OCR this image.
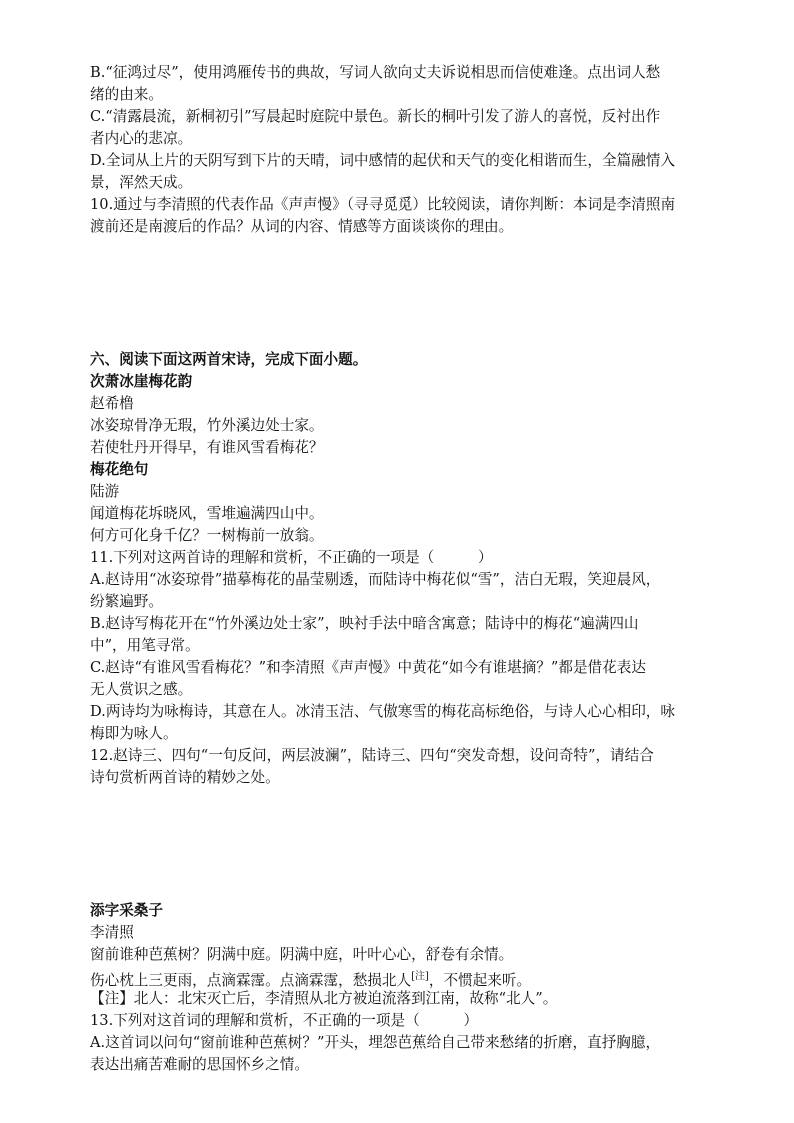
B.“征鸿过尽”，使用鸿雁传书的典故，写词人欲向丈夫诉说相思而信使难逢。点出词人愁
绪的由来。
C.“清露晨流，新桐初引”写晨起时庭院中景色。新长的桐叶引发了游人的喜悦，反衬出作
者内心的悲凉。
D.全词从上片的天阴写到下片的天晴，词中感情的起伏和天气的变化相谐而生，全篇融情入
景，浑然天成。
10.通过与李清照的代表作品《声声慢》（寻寻觅觅）比较阅读，请你判断：本词是李清照南
渡前还是南渡后的作品？从词的内容、情感等方面谈谈你的理由。
六、阅读下面这两首宋诗，完成下面小题。
次萧冰崖梅花韵
赵希橹
冰姿琼骨净无瑕，竹外溪边处士家。
若使牡丹开得早，有谁风雪看梅花？
梅花绝句
陆游
闻道梅花坼晓风，雪堆遍满四山中。
何方可化身千亿？一树梅前一放翁。
11.下列对这两首诗的理解和赏析，不正确的一项是（　　　）
A.赵诗用“冰姿琼骨”描摹梅花的晶莹剔透，而陆诗中梅花似“雪”，洁白无瑕，笑迎晨风，
纷繁遍野。
B.赵诗写梅花开在“竹外溪边处士家”，映衬手法中暗含寓意；陆诗中的梅花“遍满四山
中”，用笔寻常。
C.赵诗“有谁风雪看梅花？”和李清照《声声慢》中黄花“如今有谁堪摘？”都是借花表达
无人赏识之感。
D.两诗均为咏梅诗，其意在人。冰清玉洁、气傲寒雪的梅花高标绝俗，与诗人心心相印，咏
梅即为咏人。
12.赵诗三、四句“一句反问，两层波澜”，陆诗三、四句“突发奇想，设问奇特”，请结合
诗句赏析两首诗的精妙之处。
添字采桑子
李清照
窗前谁种芭蕉树？阴满中庭。阴满中庭，叶叶心心，舒卷有余情。
伤心枕上三更雨，点滴霖霪。点滴霖霪，愁损北人[注]，不惯起来听。
【注】北人：北宋灭亡后，李清照从北方被迫流落到江南，故称“北人”。
13.下列对这首词的理解和赏析，不正确的一项是（　　　）
A.这首词以问句“窗前谁种芭蕉树？”开头，埋怨芭蕉给自己带来愁绪的折磨，直抒胸臆，
表达出痛苦难耐的思国怀乡之情。
